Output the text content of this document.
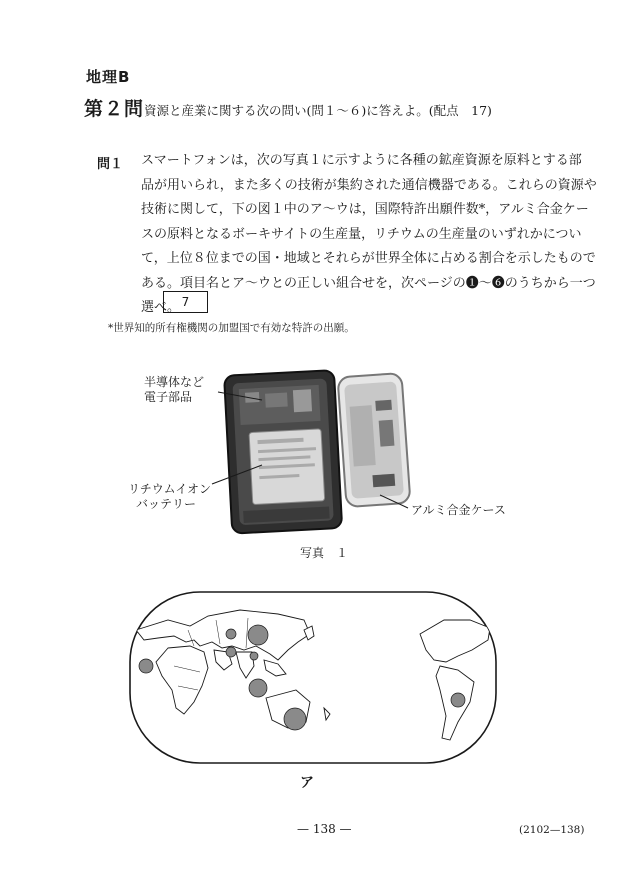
地理B
第２問 資源と産業に関する次の問い(問１～６)に答えよ。(配点　17)
問１ スマートフォンは，次の写真１に示すように各種の鉱産資源を原料とする部
品が用いられ，また多くの技術が集約された通信機器である。これらの資源や
技術に関して，下の図１中のア～ウは，国際特許出願件数*，アルミ合金ケー
スの原料となるボーキサイトの生産量，リチウムの生産量のいずれかについ
て，上位８位までの国・地域とそれらが世界全体に占める割合を示したもので
ある。項目名とア～ウとの正しい組合せを，次ページの❶～❻のうちから一つ
選べ。 7
*世界知的所有権機関の加盟国で有効な特許の出願。
半導体など
電子部品
リチウムイオン
バッテリー	アルミ合金ケース
写真　１
ア
— 138 —	(2102—138)
